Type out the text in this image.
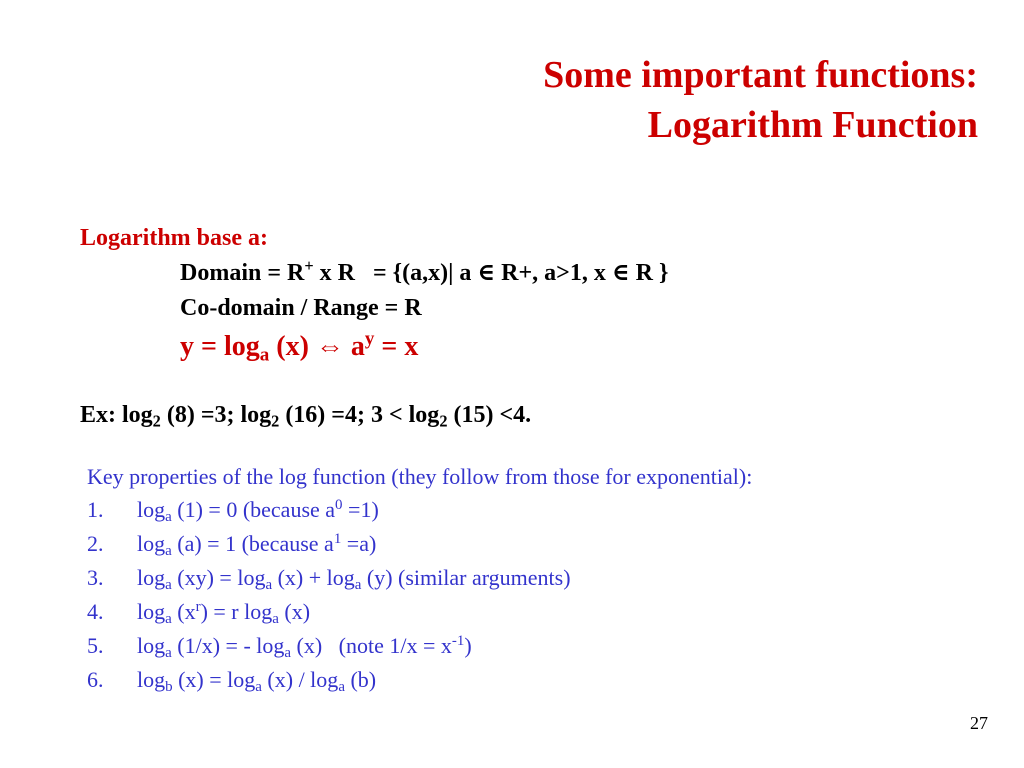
Some important functions:
Logarithm Function
Logarithm base a:
Domain = R+ x R   = {(a,x)| a ∈ R+, a>1, x ∈ R }
Co-domain / Range = R
$y = \log_a (x)$ ⇔ $a^y = x$
Ex: $\log_2 (8) =3$; $\log_2 (16) =4$; $3 < \log_2 (15) <4$.
Key properties of the log function (they follow from those for exponential):
1. $\log_a (1) = 0$ (because $a^0 =1$)
2. $\log_a (a) = 1$ (because $a^1 =a$)
3. $\log_a (xy) = \log_a (x) + \log_a (y)$ (similar arguments)
4. $\log_a (x^r) = r$ $\log_a (x)$
5. $\log_a (1/x)$ = - $\log_a (x)$   (note $1/x = x^{-1}$)
6. $\log_b (x) = \log_a (x) / \log_a (b)$
27
